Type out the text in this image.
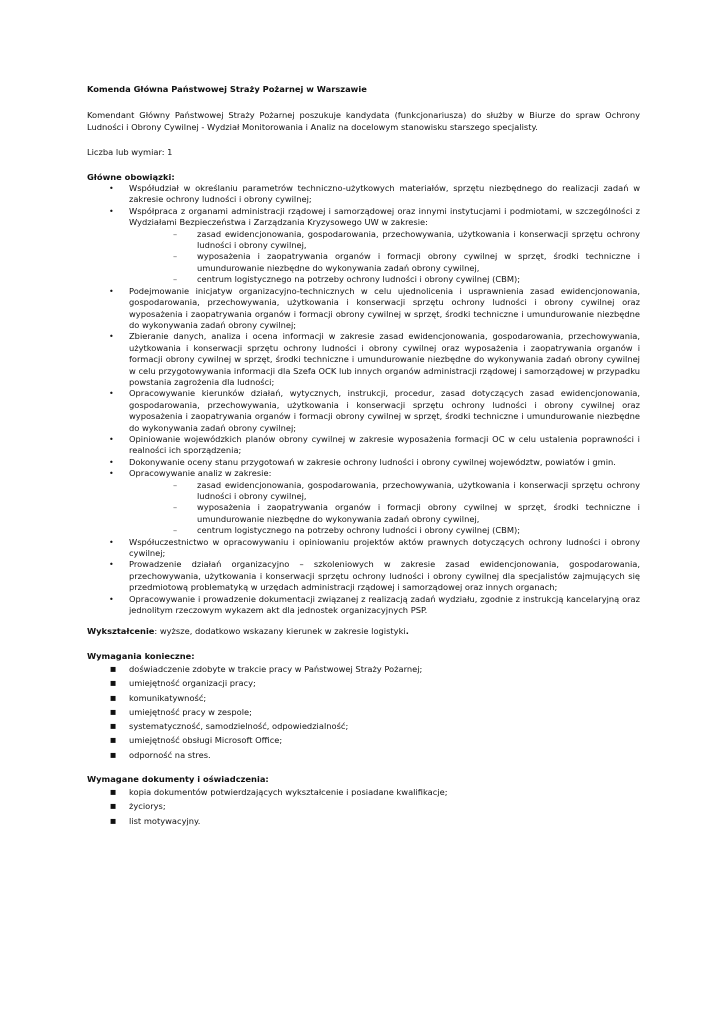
Komenda Główna Państwowej Straży Pożarnej w Warszawie

Komendant Główny Państwowej Straży Pożarnej poszukuje kandydata (funkcjonariusza) do służby w Biurze do spraw Ochrony Ludności i Obrony Cywilnej - Wydział Monitorowania i Analiz na docelowym stanowisku starszego specjalisty.

Liczba lub wymiar: 1

Główne obowiązki:

• Współudział w określaniu parametrów techniczno-użytkowych materiałów, sprzętu niezbędnego do realizacji zadań w zakresie ochrony ludności i obrony cywilnej;
• Współpraca z organami administracji rządowej i samorządowej oraz innymi instytucjami i podmiotami, w szczególności z Wydziałami Bezpieczeństwa i Zarządzania Kryzysowego UW w zakresie:
– zasad ewidencjonowania, gospodarowania, przechowywania, użytkowania i konserwacji sprzętu ochrony ludności i obrony cywilnej,
– wyposażenia i zaopatrywania organów i formacji obrony cywilnej w sprzęt, środki techniczne i umundurowanie niezbędne do wykonywania zadań obrony cywilnej,
– centrum logistycznego na potrzeby ochrony ludności i obrony cywilnej (CBM);
• Podejmowanie inicjatyw organizacyjno-technicznych w celu ujednolicenia i usprawnienia zasad ewidencjonowania, gospodarowania, przechowywania, użytkowania i konserwacji sprzętu ochrony ludności i obrony cywilnej oraz wyposażenia i zaopatrywania organów i formacji obrony cywilnej w sprzęt, środki techniczne i umundurowanie niezbędne do wykonywania zadań obrony cywilnej;
• Zbieranie danych, analiza i ocena informacji w zakresie zasad ewidencjonowania, gospodarowania, przechowywania, użytkowania i konserwacji sprzętu ochrony ludności i obrony cywilnej oraz wyposażenia i zaopatrywania organów i formacji obrony cywilnej w sprzęt, środki techniczne i umundurowanie niezbędne do wykonywania zadań obrony cywilnej w celu przygotowywania informacji dla Szefa OCK lub innych organów administracji rządowej i samorządowej w przypadku powstania zagrożenia dla ludności;
• Opracowywanie kierunków działań, wytycznych, instrukcji, procedur, zasad dotyczących zasad ewidencjonowania, gospodarowania, przechowywania, użytkowania i konserwacji sprzętu ochrony ludności i obrony cywilnej oraz wyposażenia i zaopatrywania organów i formacji obrony cywilnej w sprzęt, środki techniczne i umundurowanie niezbędne do wykonywania zadań obrony cywilnej;
• Opiniowanie wojewódzkich planów obrony cywilnej w zakresie wyposażenia formacji OC w celu ustalenia poprawności i realności ich sporządzenia;
• Dokonywanie oceny stanu przygotowań w zakresie ochrony ludności i obrony cywilnej województw, powiatów i gmin.
• Opracowywanie analiz w zakresie:
– zasad ewidencjonowania, gospodarowania, przechowywania, użytkowania i konserwacji sprzętu ochrony ludności i obrony cywilnej,
– wyposażenia i zaopatrywania organów i formacji obrony cywilnej w sprzęt, środki techniczne i umundurowanie niezbędne do wykonywania zadań obrony cywilnej,
– centrum logistycznego na potrzeby ochrony ludności i obrony cywilnej (CBM);
• Współuczestnictwo w opracowywaniu i opiniowaniu projektów aktów prawnych dotyczących ochrony ludności i obrony cywilnej;
• Prowadzenie działań organizacyjno – szkoleniowych w zakresie zasad ewidencjonowania, gospodarowania, przechowywania, użytkowania i konserwacji sprzętu ochrony ludności i obrony cywilnej dla specjalistów zajmujących się przedmiotową problematyką w urzędach administracji rządowej i samorządowej oraz innych organach;
• Opracowywanie i prowadzenie dokumentacji związanej z realizacją zadań wydziału, zgodnie z instrukcją kancelaryjną oraz jednolitym rzeczowym wykazem akt dla jednostek organizacyjnych PSP.

Wykształcenie: wyższe, dodatkowo wskazany kierunek w zakresie logistyki.

Wymagania konieczne:

■ doświadczenie zdobyte w trakcie pracy w Państwowej Straży Pożarnej;
■ umiejętność organizacji pracy;
■ komunikatywność;
■ umiejętność pracy w zespole;
■ systematyczność, samodzielność, odpowiedzialność;
■ umiejętność obsługi Microsoft Office;
■ odporność na stres.

Wymagane dokumenty i oświadczenia:

■ kopia dokumentów potwierdzających wykształcenie i posiadane kwalifikacje;
■ życiorys;
■ list motywacyjny.
